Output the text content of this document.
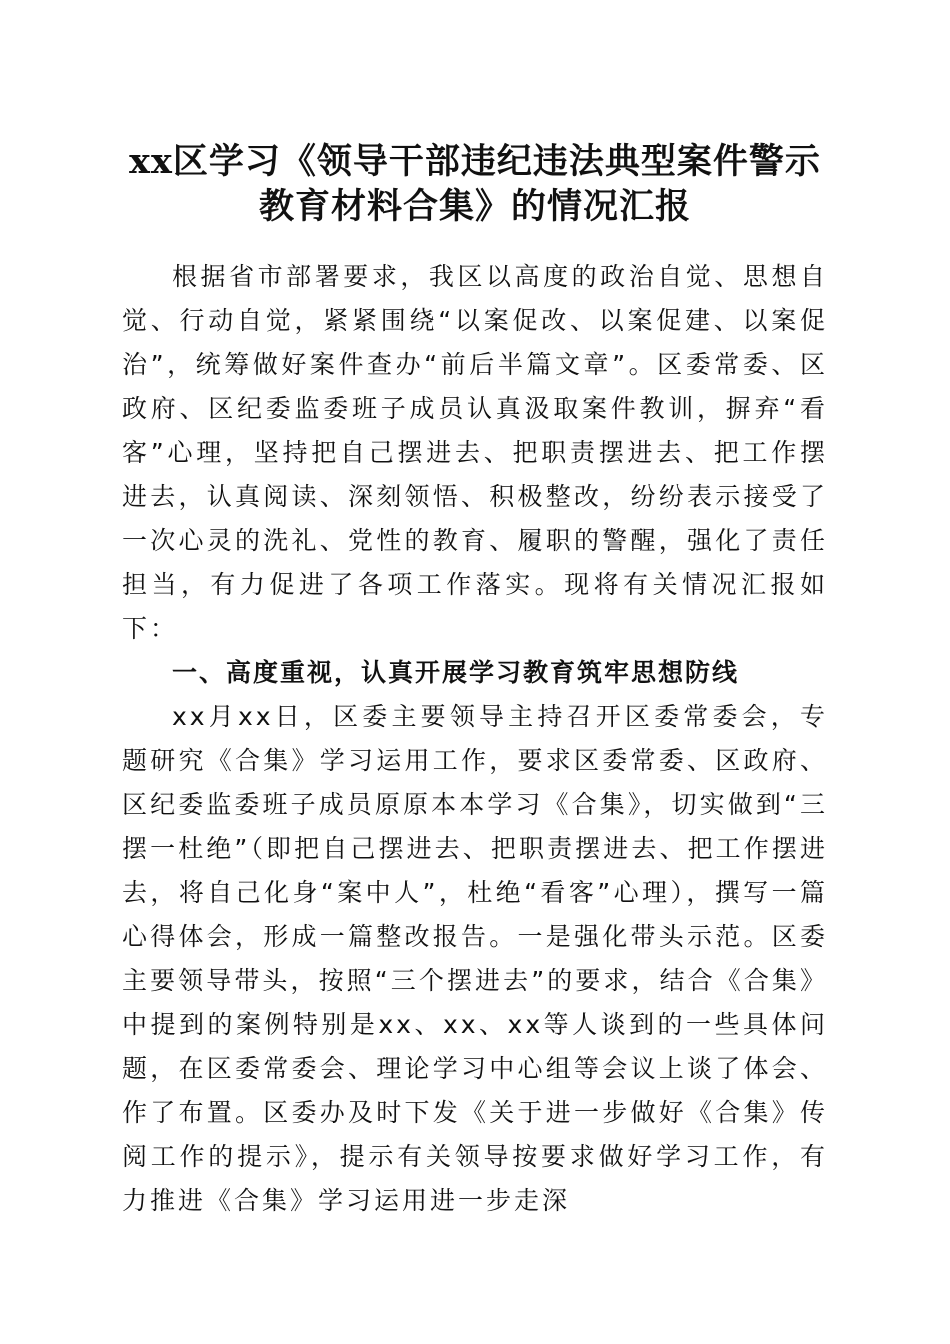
xx区学习《领导干部违纪违法典型案件警示
教育材料合集》的情况汇报

根据省市部署要求，我区以高度的政治自觉、思想自觉、行动自觉，紧紧围绕“以案促改、以案促建、以案促治”，统筹做好案件查办“前后半篇文章”。区委常委、区政府、区纪委监委班子成员认真汲取案件教训，摒弃“看客”心理，坚持把自己摆进去、把职责摆进去、把工作摆进去，认真阅读、深刻领悟、积极整改，纷纷表示接受了一次心灵的洗礼、党性的教育、履职的警醒，强化了责任担当，有力促进了各项工作落实。现将有关情况汇报如下：

一、高度重视，认真开展学习教育筑牢思想防线

xx月xx日，区委主要领导主持召开区委常委会，专题研究《合集》学习运用工作，要求区委常委、区政府、区纪委监委班子成员原原本本学习《合集》，切实做到“三摆一杜绝”（即把自己摆进去、把职责摆进去、把工作摆进去，将自己化身“案中人”，杜绝“看客”心理），撰写一篇心得体会，形成一篇整改报告。一是强化带头示范。区委主要领导带头，按照“三个摆进去”的要求，结合《合集》中提到的案例特别是xx、xx、xx等人谈到的一些具体问题，在区委常委会、理论学习中心组等会议上谈了体会、作了布置。区委办及时下发《关于进一步做好《合集》传阅工作的提示》，提示有关领导按要求做好学习工作，有力推进《合集》学习运用进一步走深
